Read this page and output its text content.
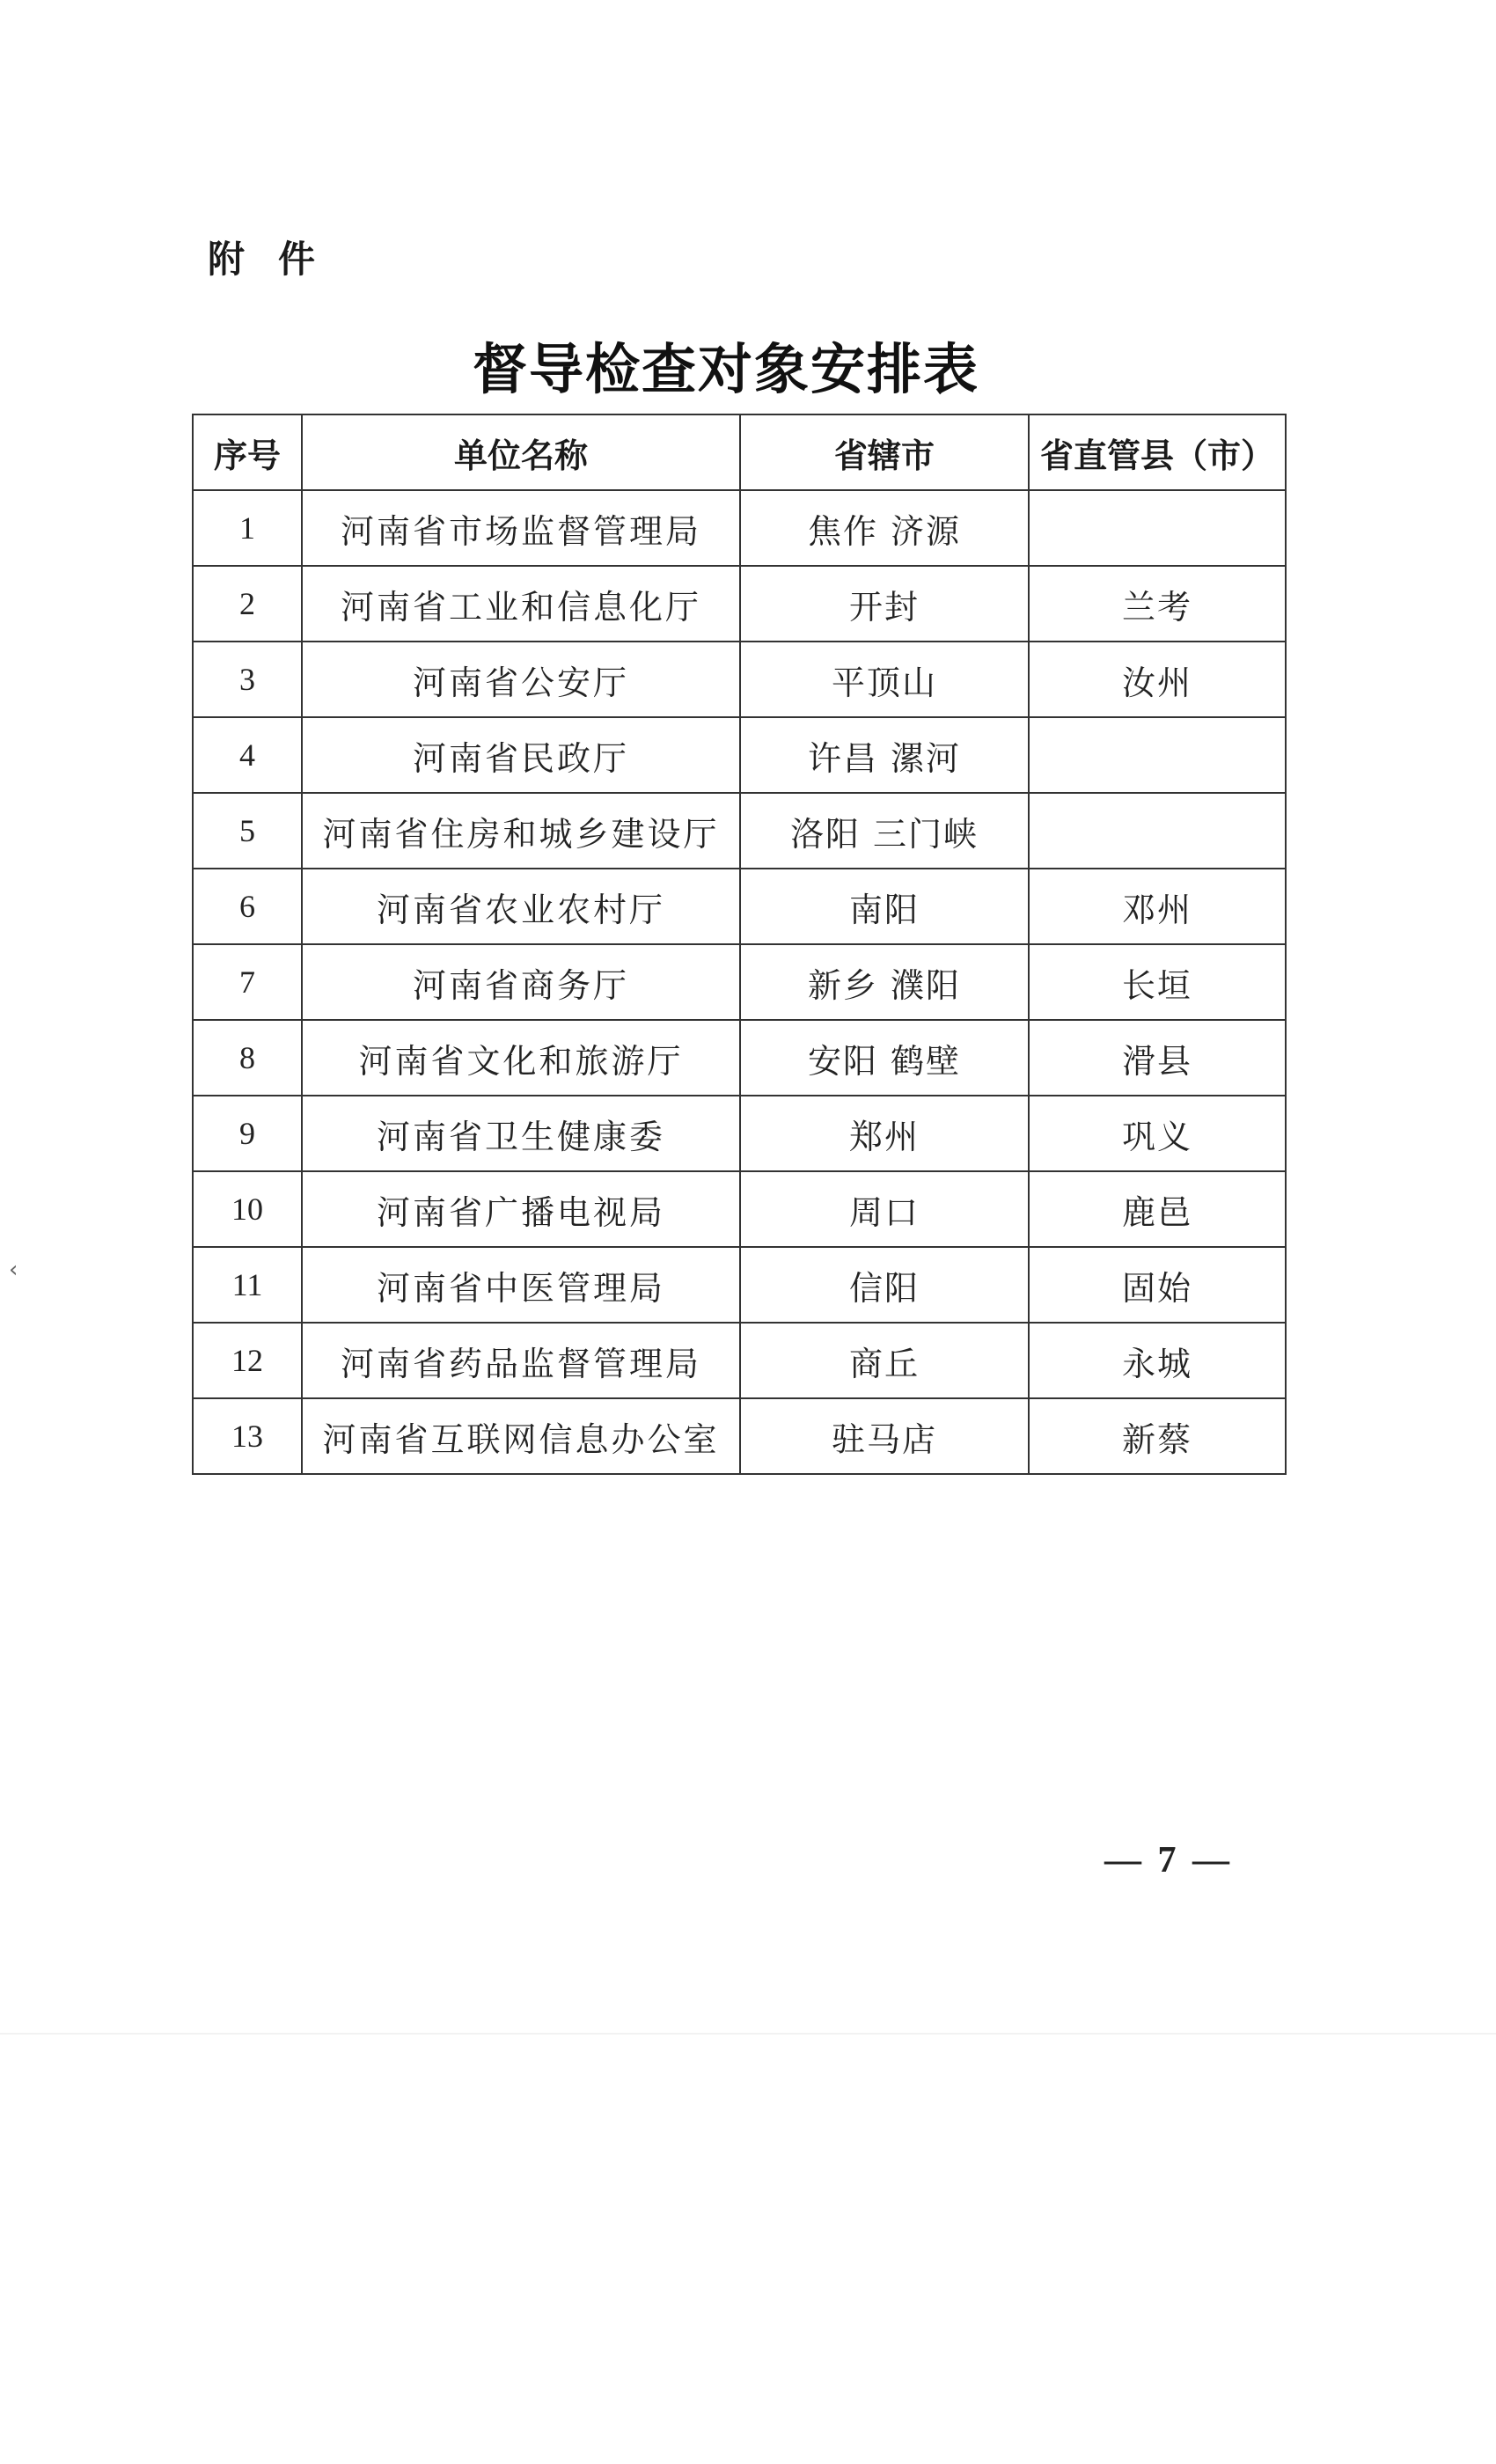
附件
督导检查对象安排表
序号	单位名称	省辖市	省直管县（市）
1	河南省市场监督管理局	焦作 济源	
2	河南省工业和信息化厅	开封	兰考
3	河南省公安厅	平顶山	汝州
4	河南省民政厅	许昌 漯河	
5	河南省住房和城乡建设厅	洛阳 三门峡	
6	河南省农业农村厅	南阳	邓州
7	河南省商务厅	新乡 濮阳	长垣
8	河南省文化和旅游厅	安阳 鹤壁	滑县
9	河南省卫生健康委	郑州	巩义
10	河南省广播电视局	周口	鹿邑
11	河南省中医管理局	信阳	固始
12	河南省药品监督管理局	商丘	永城
13	河南省互联网信息办公室	驻马店	新蔡
‹
— 7 —
